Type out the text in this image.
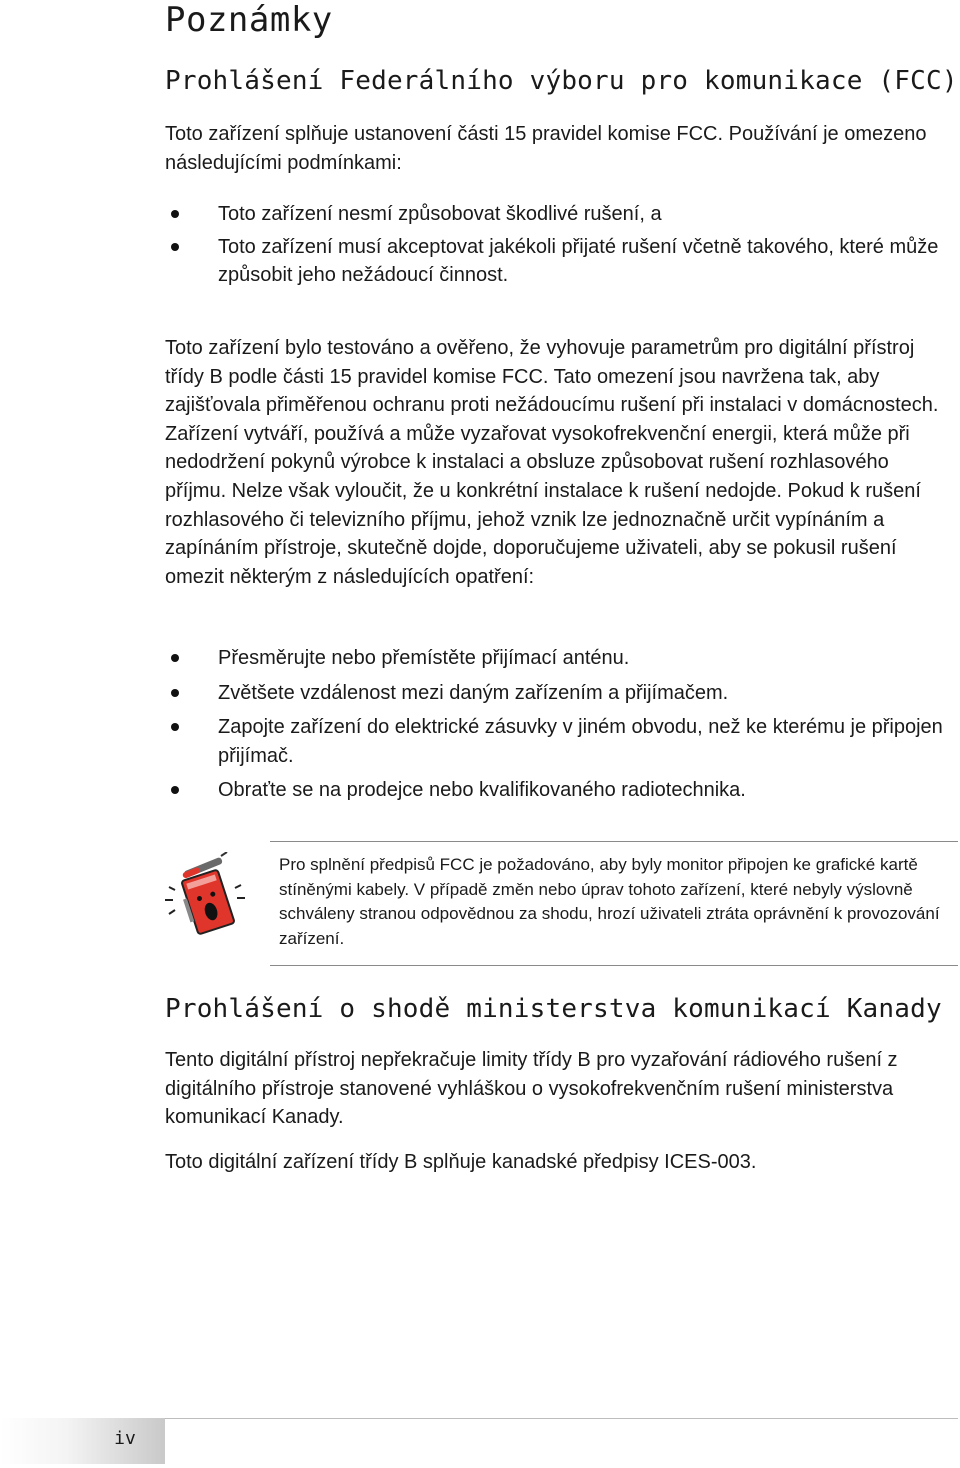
Poznámky
Prohlášení Federálního výboru pro komunikace (FCC)

Toto zařízení splňuje ustanovení části 15 pravidel komise FCC. Používání je omezeno následujícími podmínkami:

Toto zařízení nesmí způsobovat škodlivé rušení, a
Toto zařízení musí akceptovat jakékoli přijaté rušení včetně takového, které může způsobit jeho nežádoucí činnost.

Toto zařízení bylo testováno a ověřeno, že vyhovuje parametrům pro digitální přístroj třídy B podle části 15 pravidel komise FCC. Tato omezení jsou navržena tak, aby zajišťovala přiměřenou ochranu proti nežádoucímu rušení při instalaci v domácnostech. Zařízení vytváří, používá a může vyzařovat vysokofrekvenční energii, která může při nedodržení pokynů výrobce k instalaci a obsluze způsobovat rušení rozhlasového příjmu. Nelze však vyloučit, že u konkrétní instalace k rušení nedojde. Pokud k rušení rozhlasového či televizního příjmu, jehož vznik lze jednoznačně určit vypínáním a zapínáním přístroje, skutečně dojde, doporučujeme uživateli, aby se pokusil rušení omezit některým z následujících opatření:

Přesměrujte nebo přemístěte přijímací anténu.
Zvětšete vzdálenost mezi daným zařízením a přijímačem.
Zapojte zařízení do elektrické zásuvky v jiném obvodu, než ke kterému je připojen přijímač.
Obraťte se na prodejce nebo kvalifikovaného radiotechnika.

Pro splnění předpisů FCC je požadováno, aby byly monitor připojen ke grafické kartě stíněnými kabely. V případě změn nebo úprav tohoto zařízení, které nebyly výslovně schváleny stranou odpovědnou za shodu, hrozí uživateli ztráta oprávnění k provozování zařízení.

Prohlášení o shodě ministerstva komunikací Kanady

Tento digitální přístroj nepřekračuje limity třídy B pro vyzařování rádiového rušení z digitálního přístroje stanovené vyhláškou o vysokofrekvenčním rušení ministerstva komunikací Kanady.

Toto digitální zařízení třídy B splňuje kanadské předpisy ICES-003.

iv
